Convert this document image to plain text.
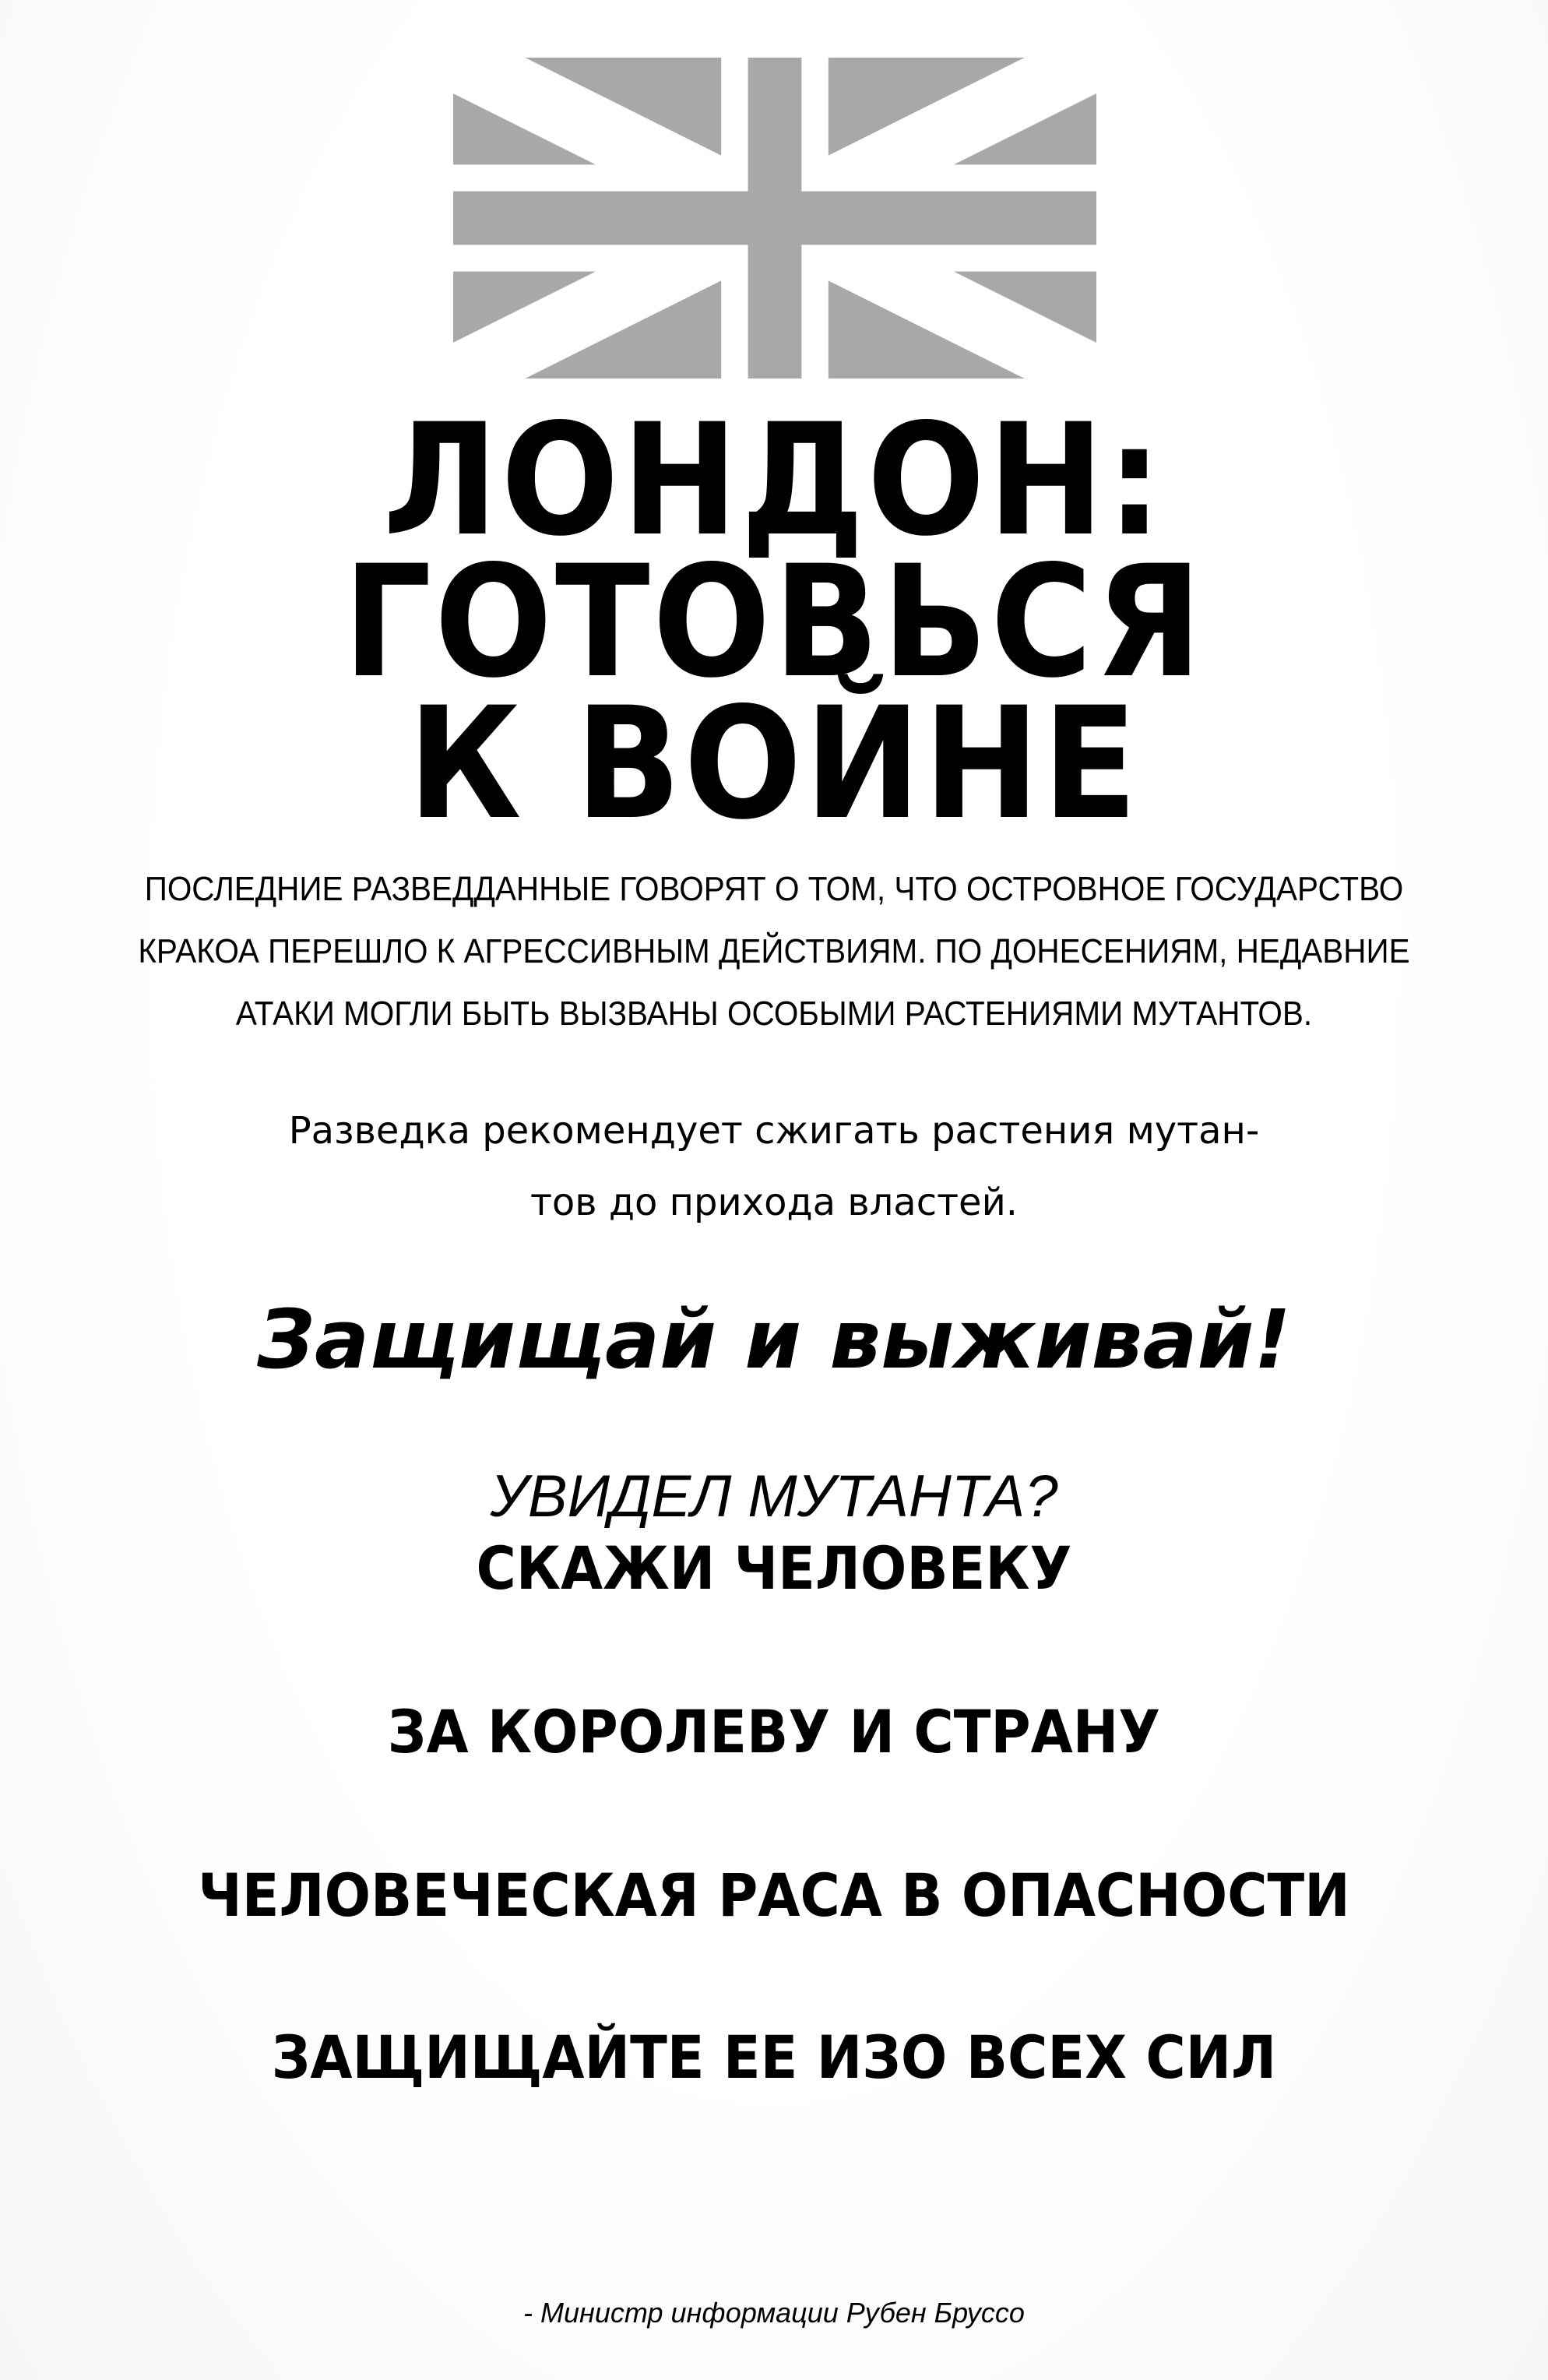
ЛОНДОН:
ГОТОВЬСЯ
К ВОЙНЕ

ПОСЛЕДНИЕ РАЗВЕДДАННЫЕ ГОВОРЯТ О ТОМ, ЧТО ОСТРОВНОЕ ГОСУДАРСТВО

КРАКОА ПЕРЕШЛО К АГРЕССИВНЫМ ДЕЙСТВИЯМ. ПО ДОНЕСЕНИЯМ, НЕДАВНИЕ

АТАКИ МОГЛИ БЫТЬ ВЫЗВАНЫ ОСОБЫМИ РАСТЕНИЯМИ МУТАНТОВ.

Разведка рекомендует сжигать растения мутан-

тов до прихода властей.

Защищай и выживай!

УВИДЕЛ МУТАНТА?

СКАЖИ ЧЕЛОВЕКУ

ЗА КОРОЛЕВУ И СТРАНУ

ЧЕЛОВЕЧЕСКАЯ РАСА В ОПАСНОСТИ

ЗАЩИЩАЙТЕ ЕЕ ИЗО ВСЕХ СИЛ

- Министр информации Рубен Бруссо
